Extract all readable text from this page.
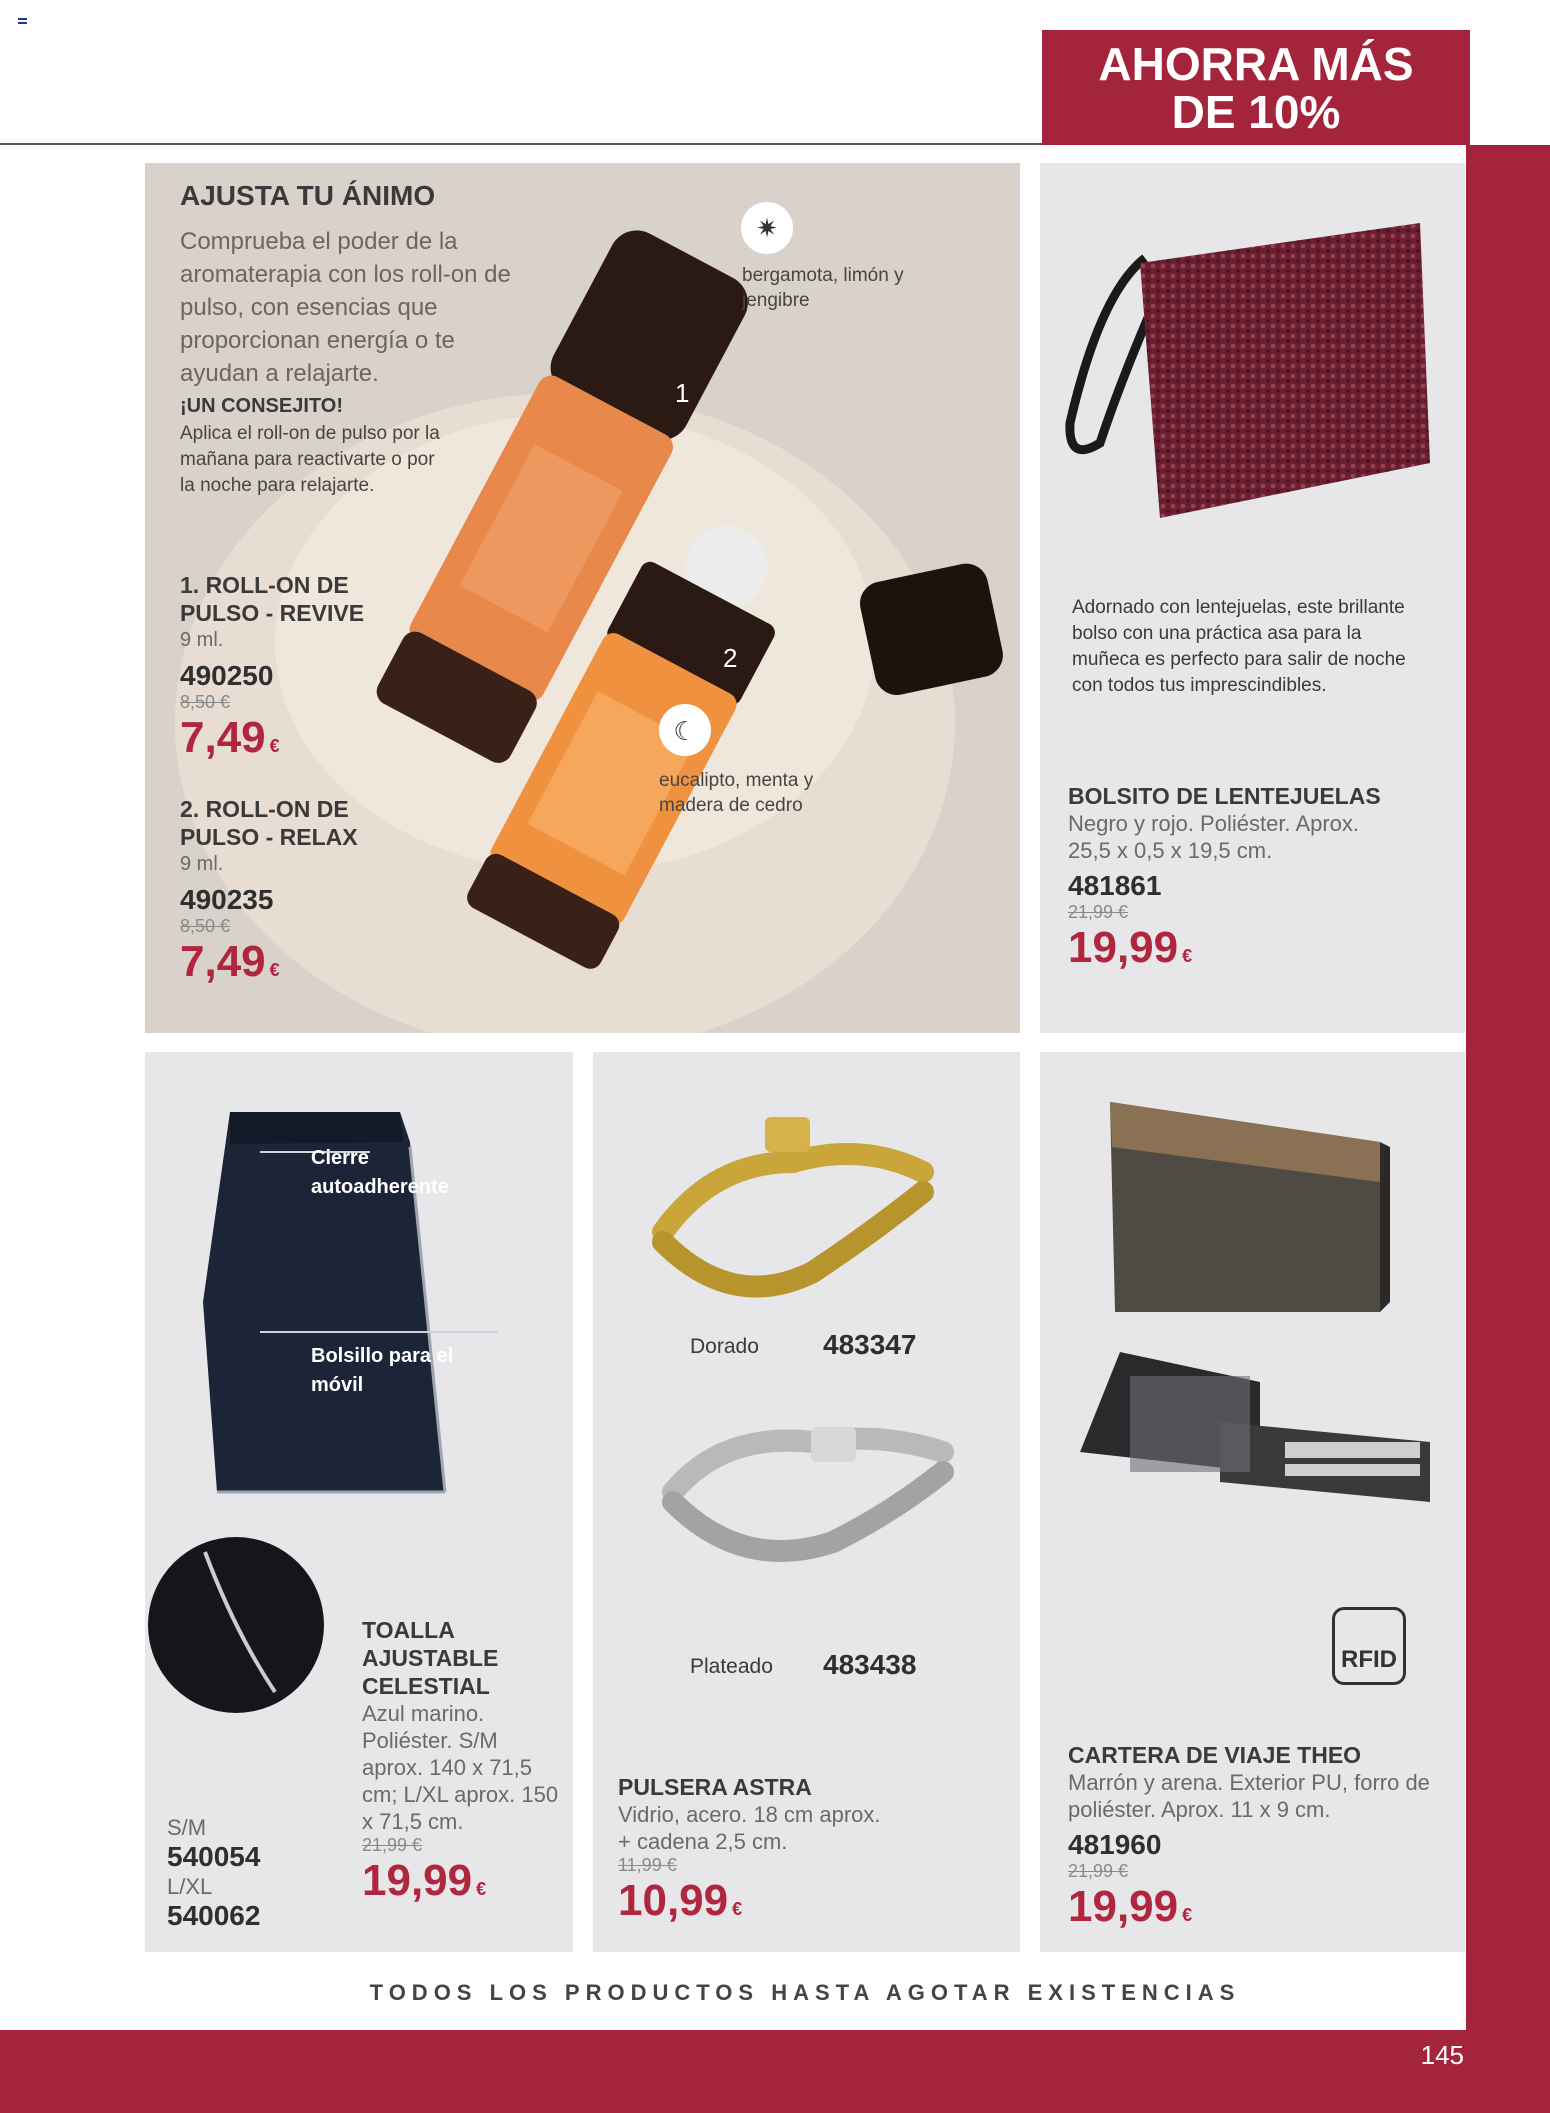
AHORRA MÁS
DE 10%
✷
☾
AJUSTA TU ÁNIMO
Comprueba el poder de la aromaterapia con los roll-on de pulso, con esencias que proporcionan energía o te ayudan a relajarte.
¡UN CONSEJITO!
Aplica el roll-on de pulso por la mañana para reactivarte o por la noche para relajarte.
1
2
bergamota, limón y jengibre
eucalipto, menta y madera de cedro
1. ROLL-ON DE PULSO - REVIVE
9 ml.
490250
8,50 €
7,49 €
2. ROLL-ON DE PULSO - RELAX
9 ml.
490235
8,50 €
7,49 €
Adornado con lentejuelas, este brillante bolso con una práctica asa para la muñeca es perfecto para salir de noche con todos tus imprescindibles.
BOLSITO DE LENTEJUELAS
Negro y rojo. Poliéster. Aprox. 25,5 x 0,5 x 19,5 cm.
481861
21,99 €
19,99 €
Cierre autoadherente
Bolsillo para el móvil
TOALLA AJUSTABLE CELESTIAL
Azul marino. Poliéster. S/M aprox. 140 x 71,5 cm; L/XL aprox. 150 x 71,5 cm.
21,99 €
19,99 €
S/M
540054
L/XL
540062
Dorado 483347
Plateado 483438
PULSERA ASTRA
Vidrio, acero. 18 cm aprox. + cadena 2,5 cm.
11,99 €
10,99 €
RFID
CARTERA DE VIAJE THEO
Marrón y arena. Exterior PU, forro de poliéster. Aprox. 11 x 9 cm.
481960
21,99 €
19,99 €
TODOS LOS PRODUCTOS HASTA AGOTAR EXISTENCIAS
145
